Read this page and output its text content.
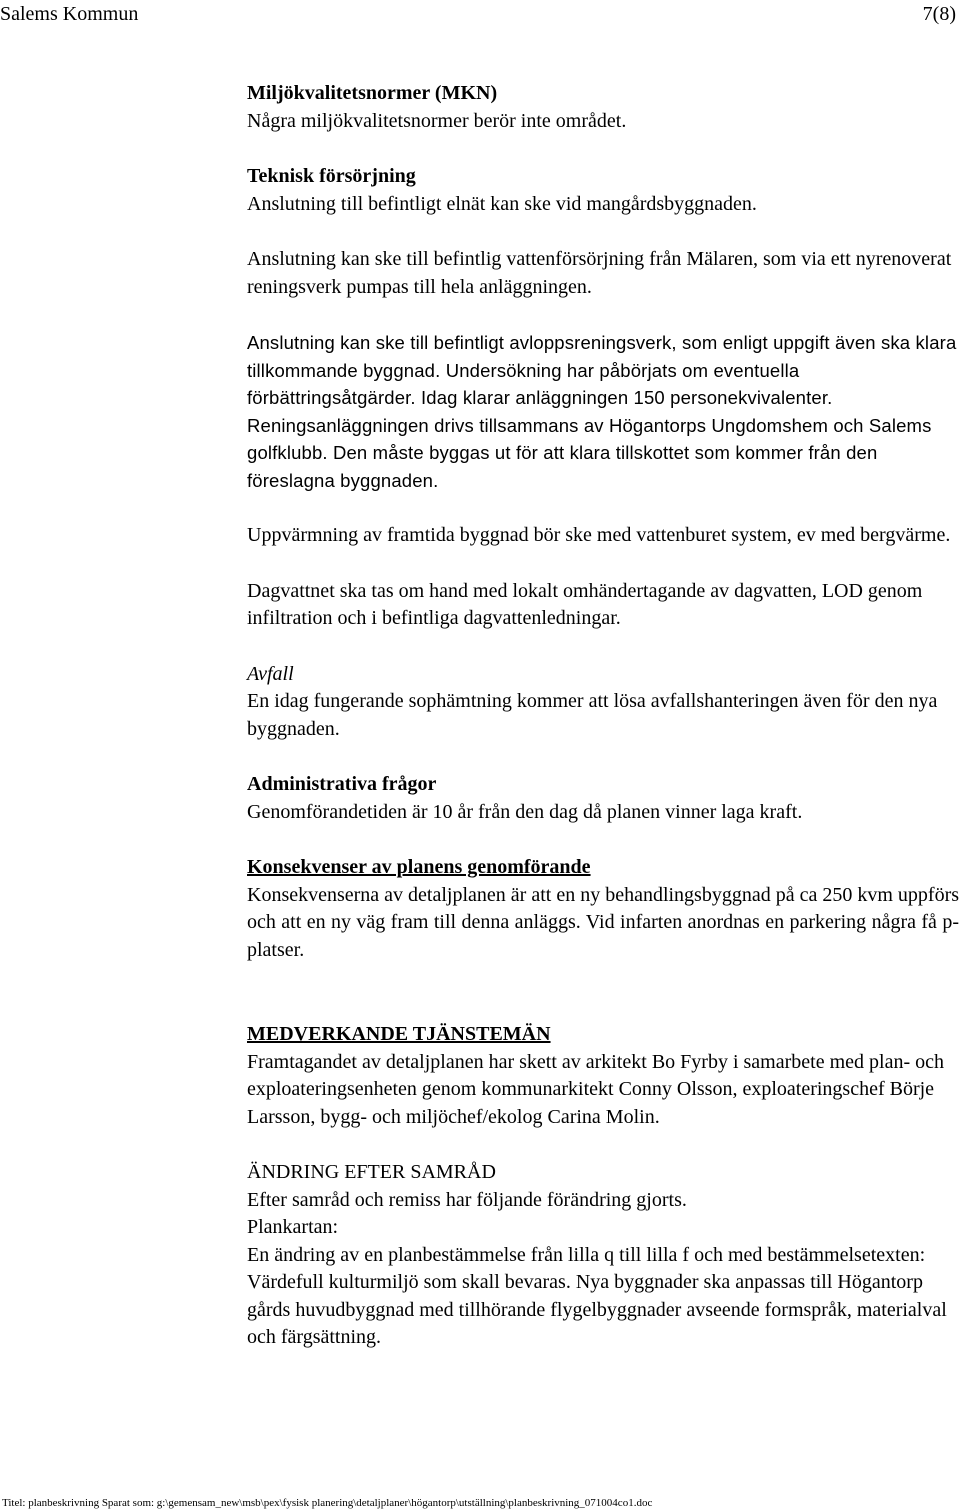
Salems Kommun	7(8)

Miljökvalitetsnormer (MKN)

Några miljökvalitetsnormer berör inte området.

Teknisk försörjning

Anslutning till befintligt elnät kan ske vid mangårdsbyggnaden.

Anslutning kan ske till befintlig vattenförsörjning från Mälaren, som via ett nyrenoverat reningsverk pumpas till hela anläggningen.

Anslutning kan ske till befintligt avloppsreningsverk, som enligt uppgift även ska klara tillkommande byggnad. Undersökning har påbörjats om eventuella förbättringsåtgärder. Idag klarar anläggningen 150 personekvivalenter. Reningsanläggningen drivs tillsammans av Högantorps Ungdomshem och Salems golfklubb. Den måste byggas ut för att klara tillskottet som kommer från den föreslagna byggnaden.

Uppvärmning av framtida byggnad bör ske med vattenburet system, ev med bergvärme.

Dagvattnet ska tas om hand med lokalt omhändertagande av dagvatten, LOD genom infiltration och i befintliga dagvattenledningar.

Avfall

En idag fungerande sophämtning kommer att lösa avfallshanteringen även för den nya byggnaden.

Administrativa frågor

Genomförandetiden är 10 år från den dag då planen vinner laga kraft.

Konsekvenser av planens genomförande

Konsekvenserna av detaljplanen är att en ny behandlingsbyggnad på ca 250 kvm uppförs och att en ny väg fram till denna anläggs. Vid infarten anordnas en parkering några få p-platser.

MEDVERKANDE TJÄNSTEMÄN

Framtagandet av detaljplanen har skett av arkitekt Bo Fyrby i samarbete med plan- och exploateringsenheten genom kommunarkitekt Conny Olsson, exploateringschef Börje Larsson, bygg- och miljöchef/ekolog Carina Molin.

ÄNDRING EFTER SAMRÅD

Efter samråd och remiss har följande förändring gjorts.

Plankartan:

En ändring av en planbestämmelse från lilla q till lilla f och med bestämmelsetexten: Värdefull kulturmiljö som skall bevaras. Nya byggnader ska anpassas till Högantorp gårds huvudbyggnad med tillhörande flygelbyggnader avseende formspråk, materialval och färgsättning.

Titel: planbeskrivning Sparat som: g:\gemensam_new\msb\pex\fysisk planering\detaljplaner\högantorp\utställning\planbeskrivning_071004co1.doc
